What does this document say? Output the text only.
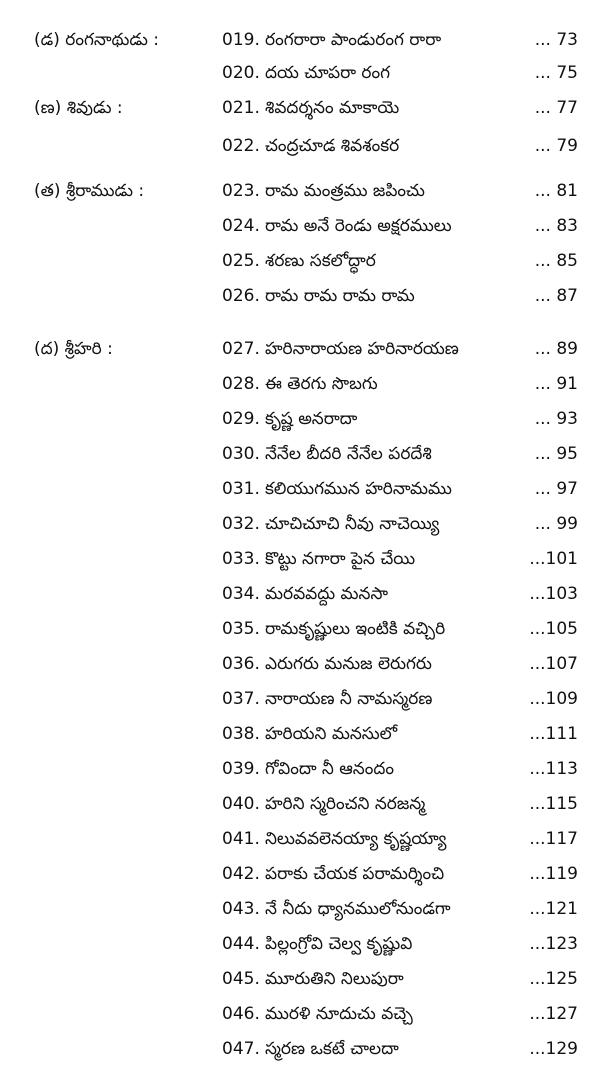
(డ) రంగనాథుడు :	019. రంగరారా పాండురంగ రారా	... 73
020. దయ చూపరా రంగ	... 75
(ణ) శివుడు :	021. శివదర్శనం మాకాయె	... 77
022. చంద్రచూడ శివశంకర	... 79
(త) శ్రీరాముడు :	023. రామ మంత్రము జపించు	... 81
024. రామ అనే రెండు అక్షరములు	... 83
025. శరణు సకలోద్ధార	... 85
026. రామ రామ రామ రామ	... 87
(ద) శ్రీహరి :	027. హరినారాయణ హరినారయణ	... 89
028. ఈ తెరగు సొబగు	... 91
029. కృష్ణ అనరాదా	... 93
030. నేనేల బీదరి నేనేల పరదేశి	... 95
031. కలియుగమున హరినామము	... 97
032. చూచిచూచి నీవు నాచెయ్యి	... 99
033. కొట్టు నగారా పైన చేయి	...101
034. మరవవద్దు మనసా	...103
035. రామకృష్ణులు ఇంటికి వచ్చిరి	...105
036. ఎరుగరు మనుజ లెరుగరు	...107
037. నారాయణ నీ నామస్మరణ	...109
038. హరియని మనసులో	...111
039. గోవిందా నీ ఆనందం	...113
040. హరిని స్మరించని నరజన్మ	...115
041. నిలువవలెనయ్యా కృష్ణయ్యా	...117
042. పరాకు చేయక పరామర్శించి	...119
043. నే నీదు ధ్యానములోనుండగా	...121
044. పిల్లంగ్రోవి చెల్వ కృష్ణువి	...123
045. మూరుతిని నిలుపురా	...125
046. మురళి నూదుచు వచ్చె	...127
047. స్మరణ ఒకటే చాలదా	...129
